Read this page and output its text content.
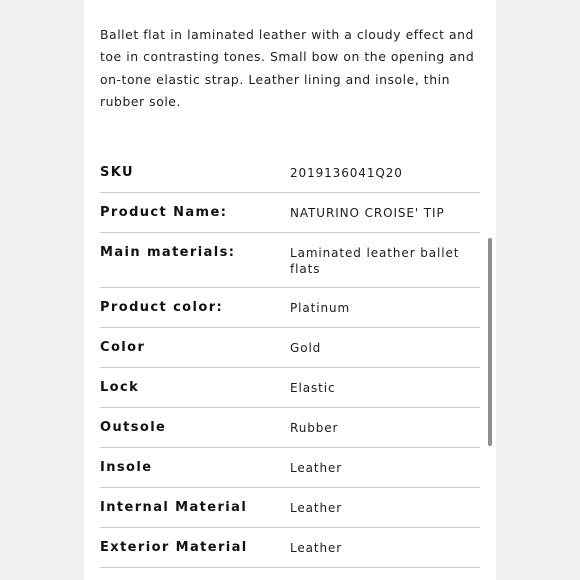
Ballet flat in laminated leather with a cloudy effect and toe in contrasting tones. Small bow on the opening and on-tone elastic strap. Leather lining and insole, thin rubber sole.

SKU	2019136041Q20
Product Name:	NATURINO CROISE' TIP
Main materials:	Laminated leather ballet flats
Product color:	Platinum
Color	Gold
Lock	Elastic
Outsole	Rubber
Insole	Leather
Internal Material	Leather
Exterior Material	Leather
